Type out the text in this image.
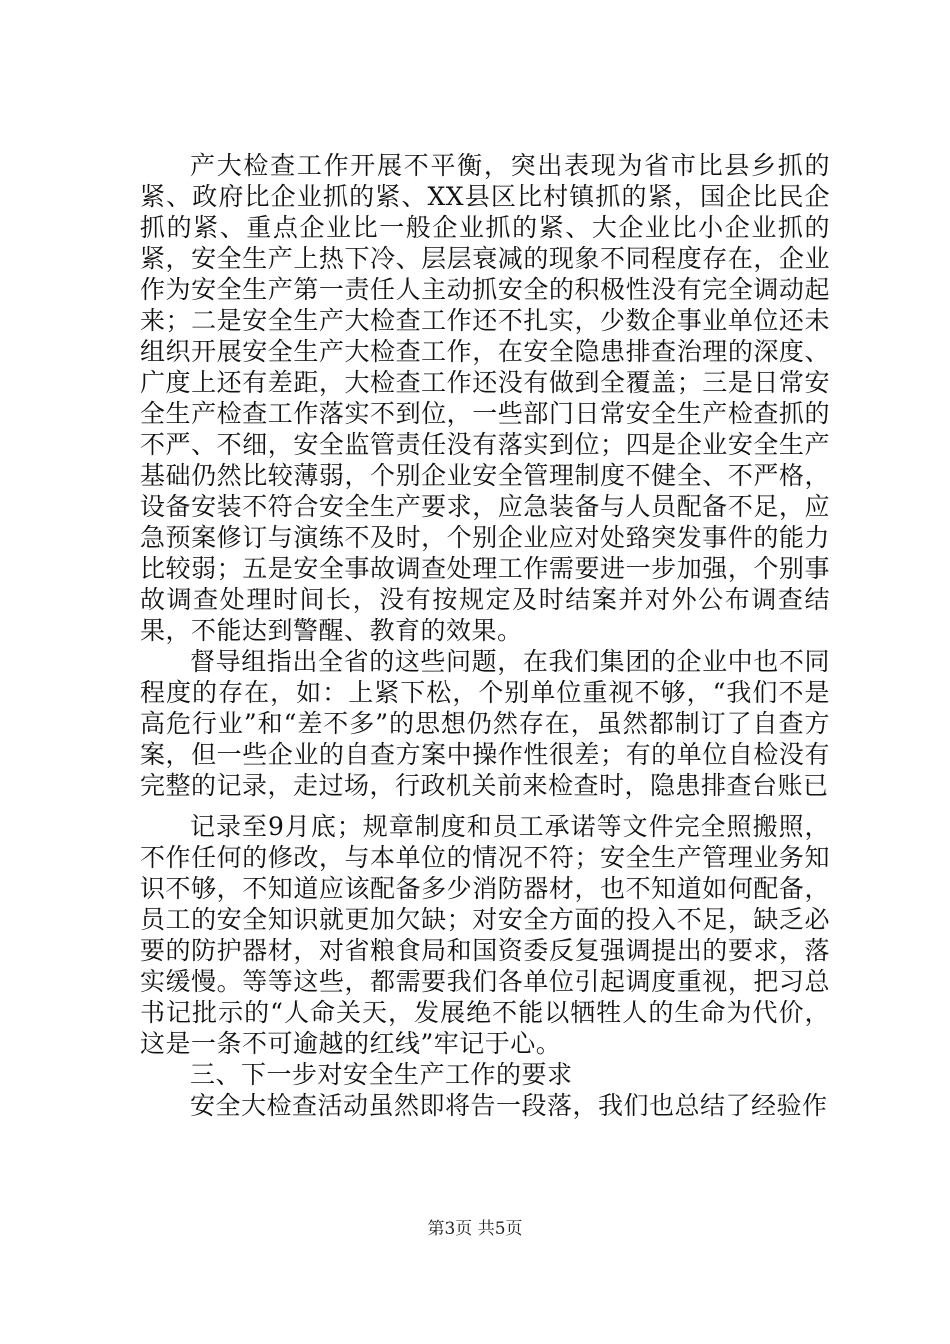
产大检查工作开展不平衡，突出表现为省市比县乡抓的紧、政府比企业抓的紧、XX县区比村镇抓的紧，国企比民企抓的紧、重点企业比一般企业抓的紧、大企业比小企业抓的紧，安全生产上热下冷、层层衰减的现象不同程度存在，企业作为安全生产第一责任人主动抓安全的积极性没有完全调动起来；二是安全生产大检查工作还不扎实，少数企事业单位还未组织开展安全生产大检查工作，在安全隐患排查治理的深度、广度上还有差距，大检查工作还没有做到全覆盖；三是日常安全生产检查工作落实不到位，一些部门日常安全生产检查抓的不严、不细，安全监管责任没有落实到位；四是企业安全生产基础仍然比较薄弱，个别企业安全管理制度不健全、不严格，设备安装不符合安全生产要求，应急装备与人员配备不足，应急预案修订与演练不及时，个别企业应对处臵突发事件的能力比较弱；五是安全事故调查处理工作需要进一步加强，个别事故调查处理时间长，没有按规定及时结案并对外公布调查结果，不能达到警醒、教育的效果。

督导组指出全省的这些问题，在我们集团的企业中也不同程度的存在，如：上紧下松，个别单位重视不够，“我们不是高危行业”和“差不多”的思想仍然存在，虽然都制订了自查方案，但一些企业的自查方案中操作性很差；有的单位自检没有完整的记录，走过场，行政机关前来检查时，隐患排查台账已

记录至9月底；规章制度和员工承诺等文件完全照搬照，不作任何的修改，与本单位的情况不符；安全生产管理业务知识不够，不知道应该配备多少消防器材，也不知道如何配备，员工的安全知识就更加欠缺；对安全方面的投入不足，缺乏必要的防护器材，对省粮食局和国资委反复强调提出的要求，落实缓慢。等等这些，都需要我们各单位引起调度重视，把习总书记批示的“人命关天，发展绝不能以牺牲人的生命为代价，这是一条不可逾越的红线”牢记于心。

三、下一步对安全生产工作的要求

安全大检查活动虽然即将告一段落，我们也总结了经验作

第3页 共5页
